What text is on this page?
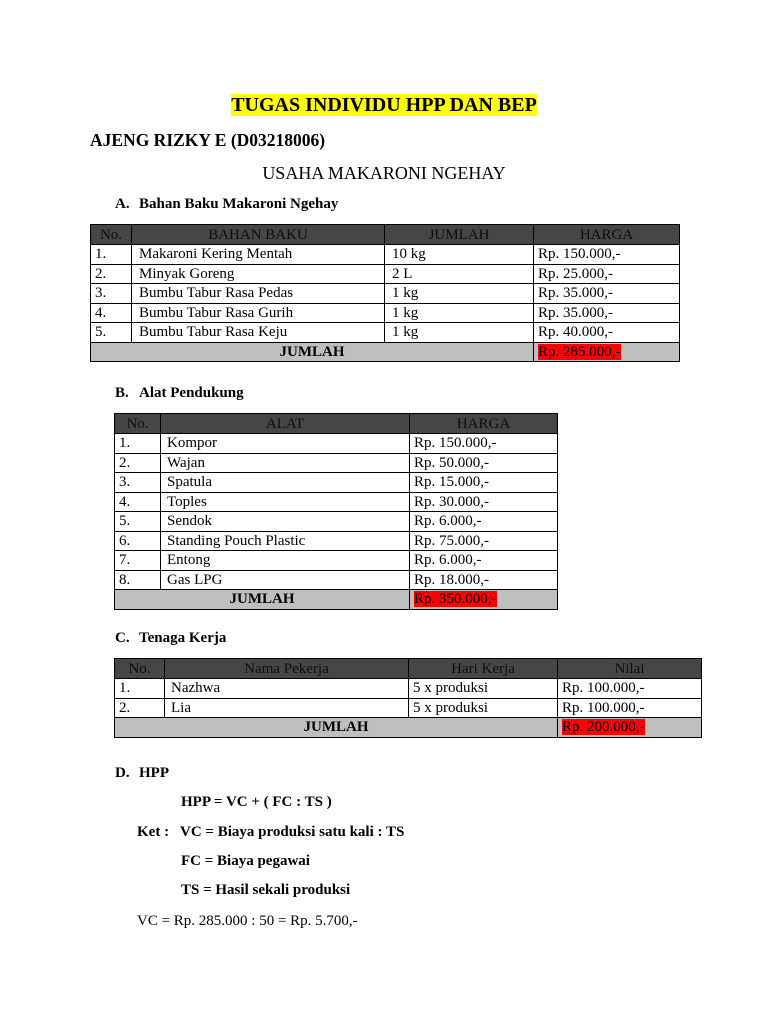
TUGAS INDIVIDU HPP DAN BEP
AJENG RIZKY E (D03218006)
USAHA MAKARONI NGEHAY
A. Bahan Baku Makaroni Ngehay
No.	BAHAN BAKU	JUMLAH	HARGA
1.	Makaroni Kering Mentah	10 kg	Rp. 150.000,-
2.	Minyak Goreng	2 L	Rp. 25.000,-
3.	Bumbu Tabur Rasa Pedas	1 kg	Rp. 35.000,-
4.	Bumbu Tabur Rasa Gurih	1 kg	Rp. 35.000,-
5.	Bumbu Tabur Rasa Keju	1 kg	Rp. 40.000,-
JUMLAH			Rp. 285.000,-
B. Alat Pendukung
No.	ALAT	HARGA
1.	Kompor	Rp. 150.000,-
2.	Wajan	Rp. 50.000,-
3.	Spatula	Rp. 15.000,-
4.	Toples	Rp. 30.000,-
5.	Sendok	Rp. 6.000,-
6.	Standing Pouch Plastic	Rp. 75.000,-
7.	Entong	Rp. 6.000,-
8.	Gas LPG	Rp. 18.000,-
JUMLAH		Rp. 350.000,-
C. Tenaga Kerja
No.	Nama Pekerja	Hari Kerja	Nilai
1.	Nazhwa	5 x produksi	Rp. 100.000,-
2.	Lia	5 x produksi	Rp. 100.000,-
JUMLAH			Rp. 200.000,-
D. HPP
HPP = VC + ( FC : TS )
Ket : VC = Biaya produksi satu kali : TS
FC = Biaya pegawai
TS = Hasil sekali produksi
VC = Rp. 285.000 : 50 = Rp. 5.700,-
